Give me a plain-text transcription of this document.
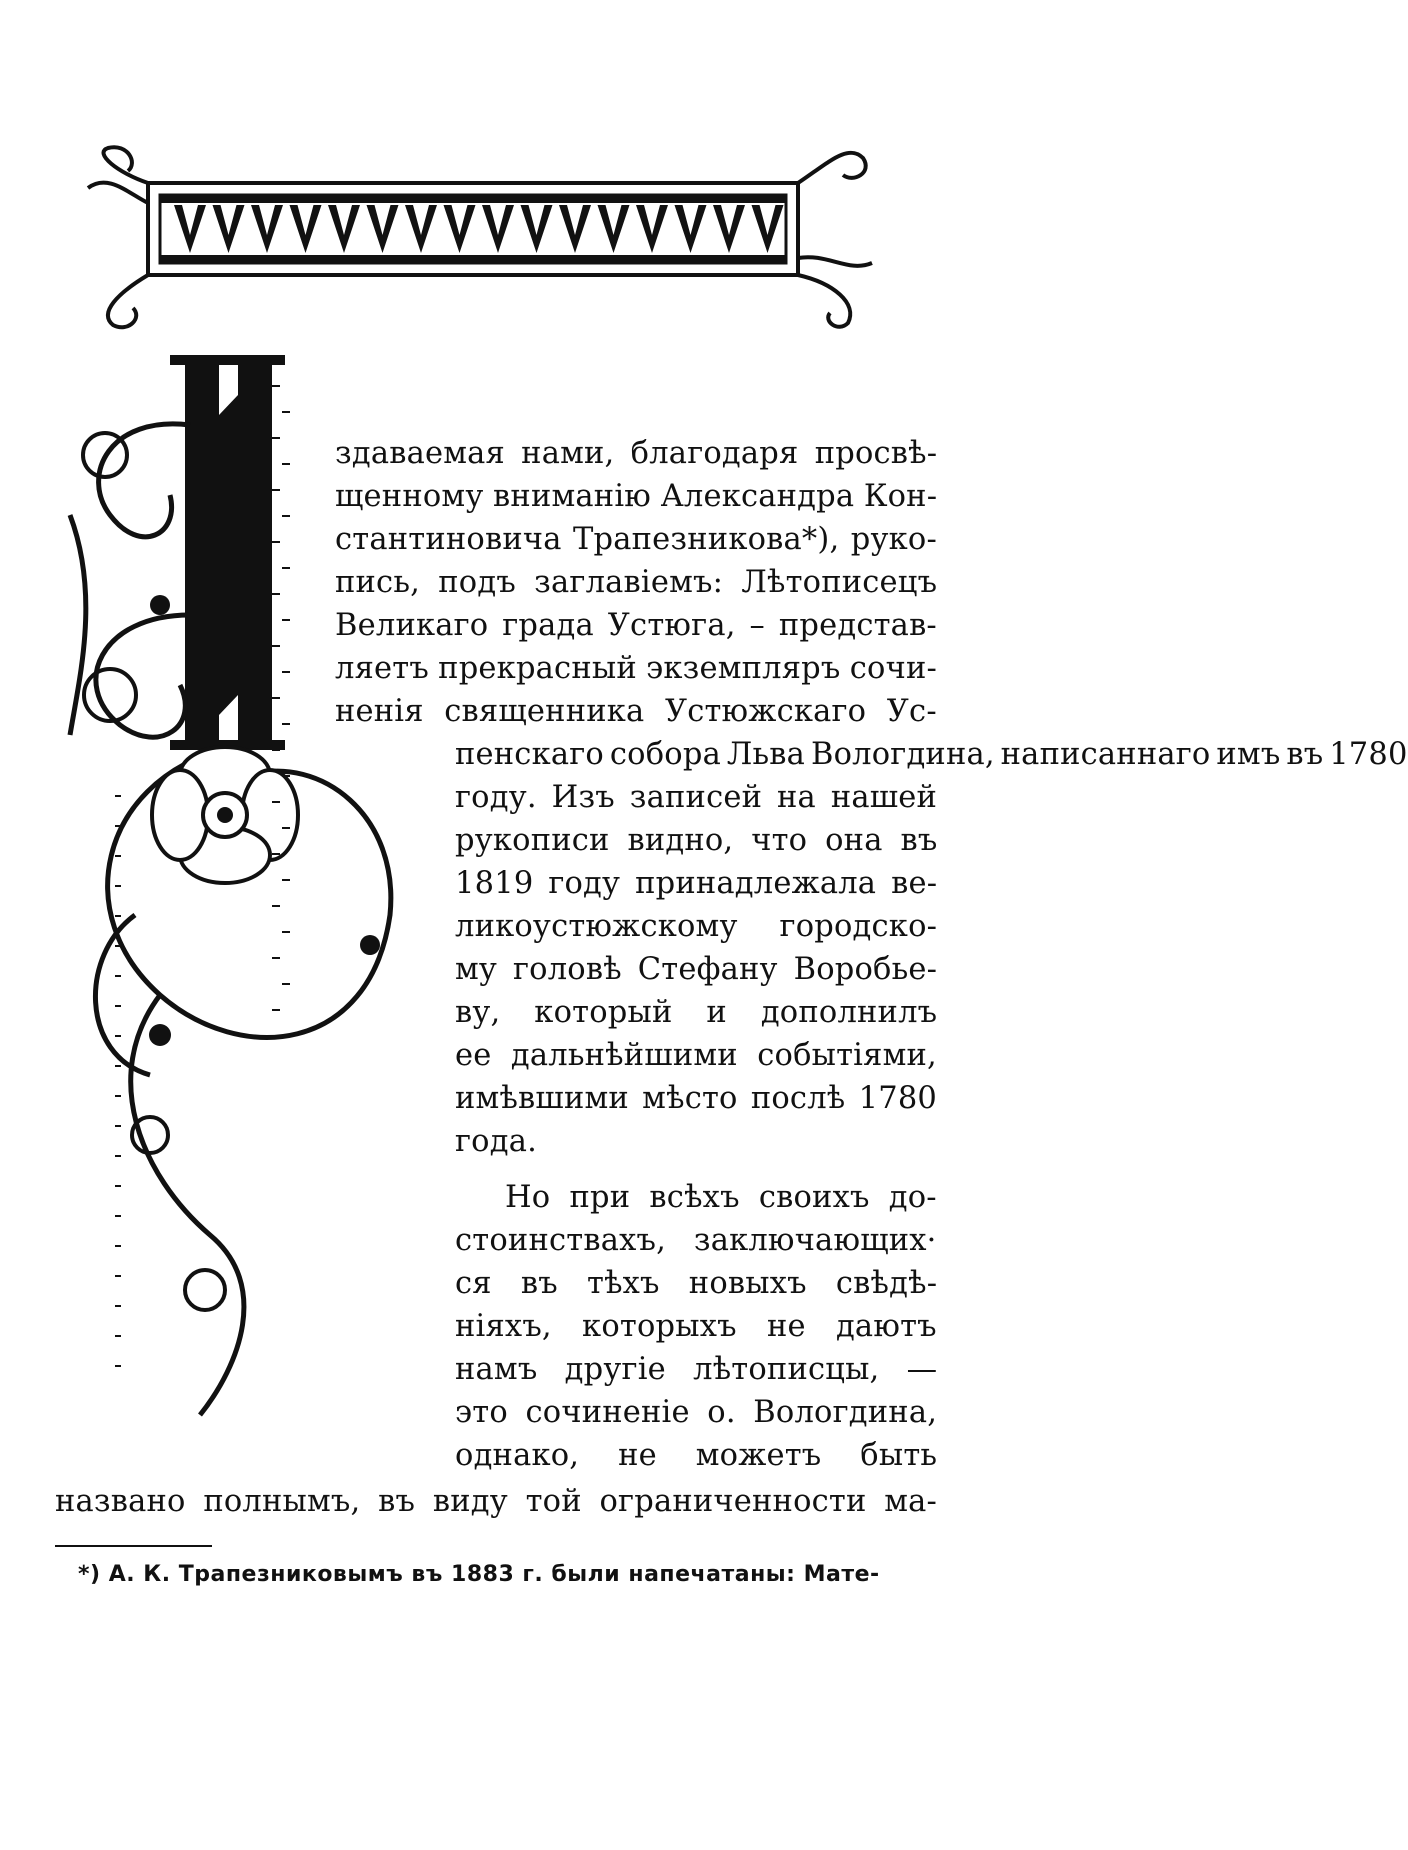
здаваемая нами, благодаря просвѣ-
щенному вниманію Александра Кон-
стантиновича Трапезникова*), руко-
пись, подъ заглавіемъ: Лѣтописецъ
Великаго града Устюга, – представ-
ляетъ прекрасный экземпляръ сочи-
ненія священника Устюжскаго Ус-
пенскаго собора Льва Вологдина, написаннаго имъ въ 1780
году. Изъ записей на нашей
рукописи видно, что она въ
1819 году принадлежала ве-
ликоустюжскому городско-
му головѣ Стефану Воробье-
ву, который и дополнилъ
ее дальнѣйшими событіями,
имѣвшими мѣсто послѣ 1780
года.
Но при всѣхъ своихъ до-
стоинствахъ, заключающих·
ся въ тѣхъ новыхъ свѣдѣ-
ніяхъ, которыхъ не даютъ
намъ другіе лѣтописцы, —
это сочиненіе о. Вологдина,
однако, не можетъ быть
названо полнымъ, въ виду той ограниченности ма-
*) А. К. Трапезниковымъ въ 1883 г. были напечатаны: Мате-
